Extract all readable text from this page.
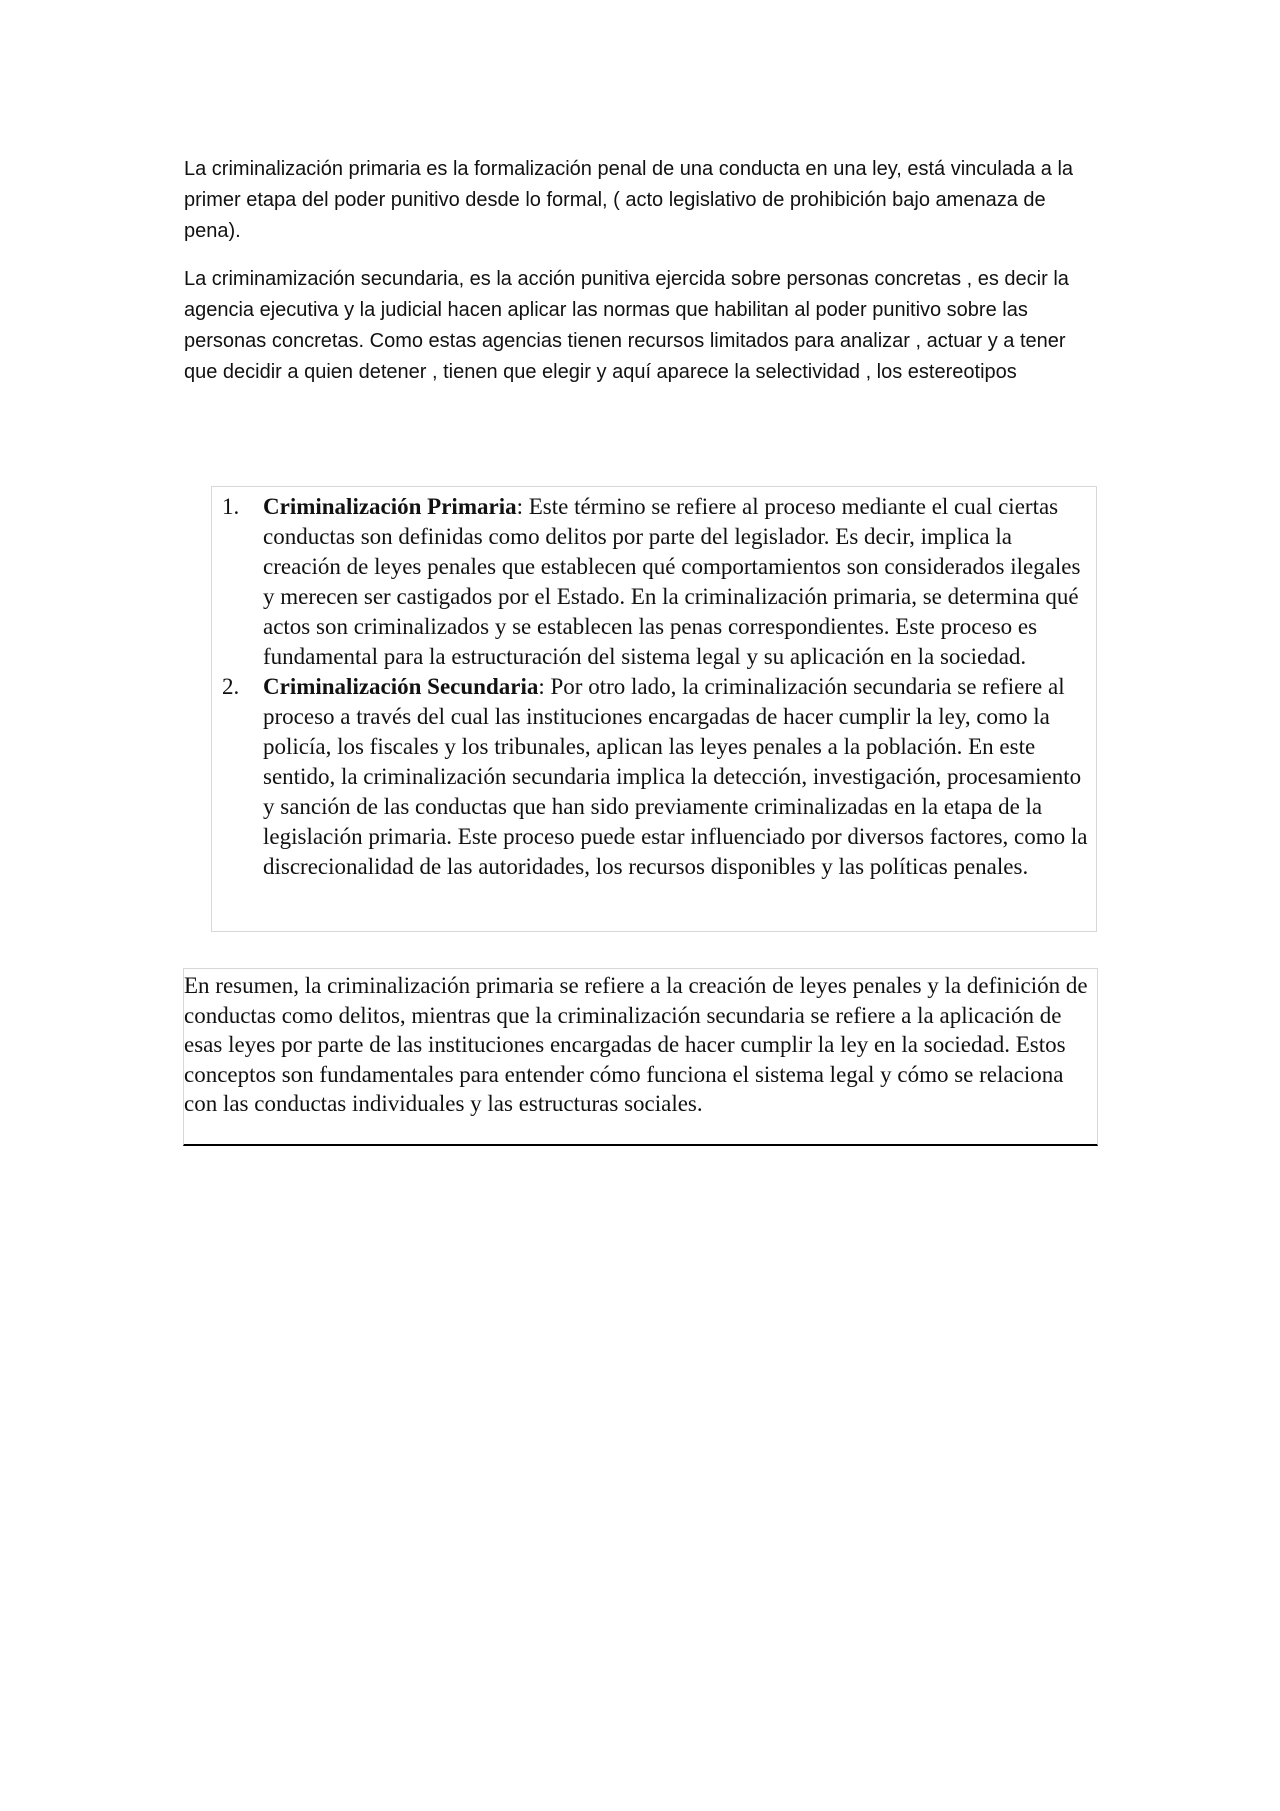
La criminalización primaria es la formalización penal de una conducta en una ley, está vinculada a la primer etapa del poder punitivo desde lo formal, ( acto legislativo de prohibición bajo amenaza de pena).

La criminamización secundaria, es la acción punitiva ejercida sobre personas concretas , es decir la agencia ejecutiva y la judicial hacen aplicar las normas que habilitan al poder punitivo sobre las personas concretas. Como estas agencias tienen recursos limitados para analizar , actuar y a tener que decidir a quien detener , tienen que elegir y aquí aparece la selectividad , los estereotipos

1. Criminalización Primaria: Este término se refiere al proceso mediante el cual ciertas conductas son definidas como delitos por parte del legislador. Es decir, implica la creación de leyes penales que establecen qué comportamientos son considerados ilegales y merecen ser castigados por el Estado. En la criminalización primaria, se determina qué actos son criminalizados y se establecen las penas correspondientes. Este proceso es fundamental para la estructuración del sistema legal y su aplicación en la sociedad.
2. Criminalización Secundaria: Por otro lado, la criminalización secundaria se refiere al proceso a través del cual las instituciones encargadas de hacer cumplir la ley, como la policía, los fiscales y los tribunales, aplican las leyes penales a la población. En este sentido, la criminalización secundaria implica la detección, investigación, procesamiento y sanción de las conductas que han sido previamente criminalizadas en la etapa de la legislación primaria. Este proceso puede estar influenciado por diversos factores, como la discrecionalidad de las autoridades, los recursos disponibles y las políticas penales.

En resumen, la criminalización primaria se refiere a la creación de leyes penales y la definición de conductas como delitos, mientras que la criminalización secundaria se refiere a la aplicación de esas leyes por parte de las instituciones encargadas de hacer cumplir la ley en la sociedad. Estos conceptos son fundamentales para entender cómo funciona el sistema legal y cómo se relaciona con las conductas individuales y las estructuras sociales.
